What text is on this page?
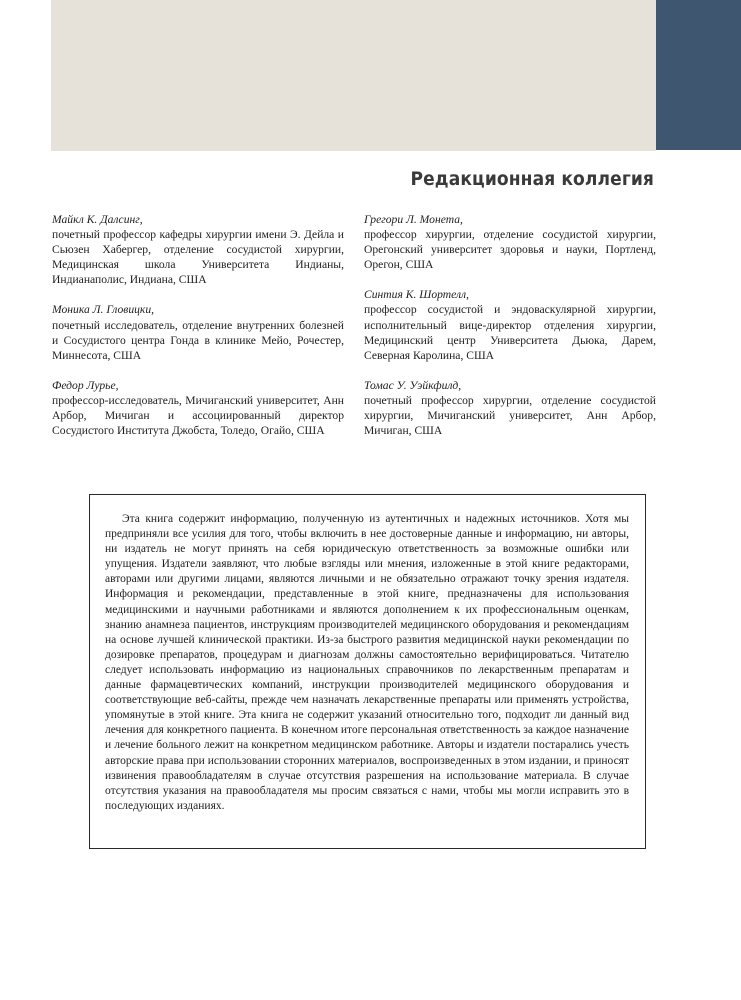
Редакционная коллегия
Майкл К. Далсинг,
почетный профессор кафедры хирургии имени Э. Дейла и Сьюзен Хабергер, отделение сосудистой хирургии, Медицинская школа Университета Индианы, Индианаполис, Индиана, США
Моника Л. Гловицки,
почетный исследователь, отделение внутренних болезней и Сосудистого центра Гонда в клинике Мейо, Рочестер, Миннесота, США
Федор Лурье,
профессор-исследователь, Мичиганский университет, Анн Арбор, Мичиган и ассоциированный директор Сосудистого Института Джобста, Толедо, Огайо, США
Грегори Л. Монета,
профессор хирургии, отделение сосудистой хирургии, Орегонский университет здоровья и науки, Портленд, Орегон, США
Синтия К. Шортелл,
профессор сосудистой и эндоваскулярной хирургии, исполнительный вице-директор отделения хирургии, Медицинский центр Университета Дьюка, Дарем, Северная Каролина, США
Томас У. Уэйкфилд,
почетный профессор хирургии, отделение сосудистой хирургии, Мичиганский университет, Анн Арбор, Мичиган, США

Эта книга содержит информацию, полученную из аутентичных и надежных источников. Хотя мы предприняли все усилия для того, чтобы включить в нее достоверные данные и информацию, ни авторы, ни издатель не могут принять на себя юридическую ответственность за возможные ошибки или упущения. Издатели заявляют, что любые взгляды или мнения, изложенные в этой книге редакторами, авторами или другими лицами, являются личными и не обязательно отражают точку зрения издателя. Информация и рекомендации, представленные в этой книге, предназначены для использования медицинскими и научными работниками и являются дополнением к их профессиональным оценкам, знанию анамнеза пациентов, инструкциям производителей медицинского оборудования и рекомендациям на основе лучшей клинической практики. Из-за быстрого развития медицинской науки рекомендации по дозировке препаратов, процедурам и диагнозам должны самостоятельно верифицироваться. Читателю следует использовать информацию из национальных справочников по лекарственным препаратам и данные фармацевтических компаний, инструкции производителей медицинского оборудования и соответствующие веб-сайты, прежде чем назначать лекарственные препараты или применять устройства, упомянутые в этой книге. Эта книга не содержит указаний относительно того, подходит ли данный вид лечения для конкретного пациента. В конечном итоге персональная ответственность за каждое назначение и лечение больного лежит на конкретном медицинском работнике. Авторы и издатели постарались учесть авторские права при использовании сторонних материалов, воспроизведенных в этом издании, и приносят извинения правообладателям в случае отсутствия разрешения на использование материала. В случае отсутствия указания на правообладателя мы просим связаться с нами, чтобы мы могли исправить это в последующих изданиях.
